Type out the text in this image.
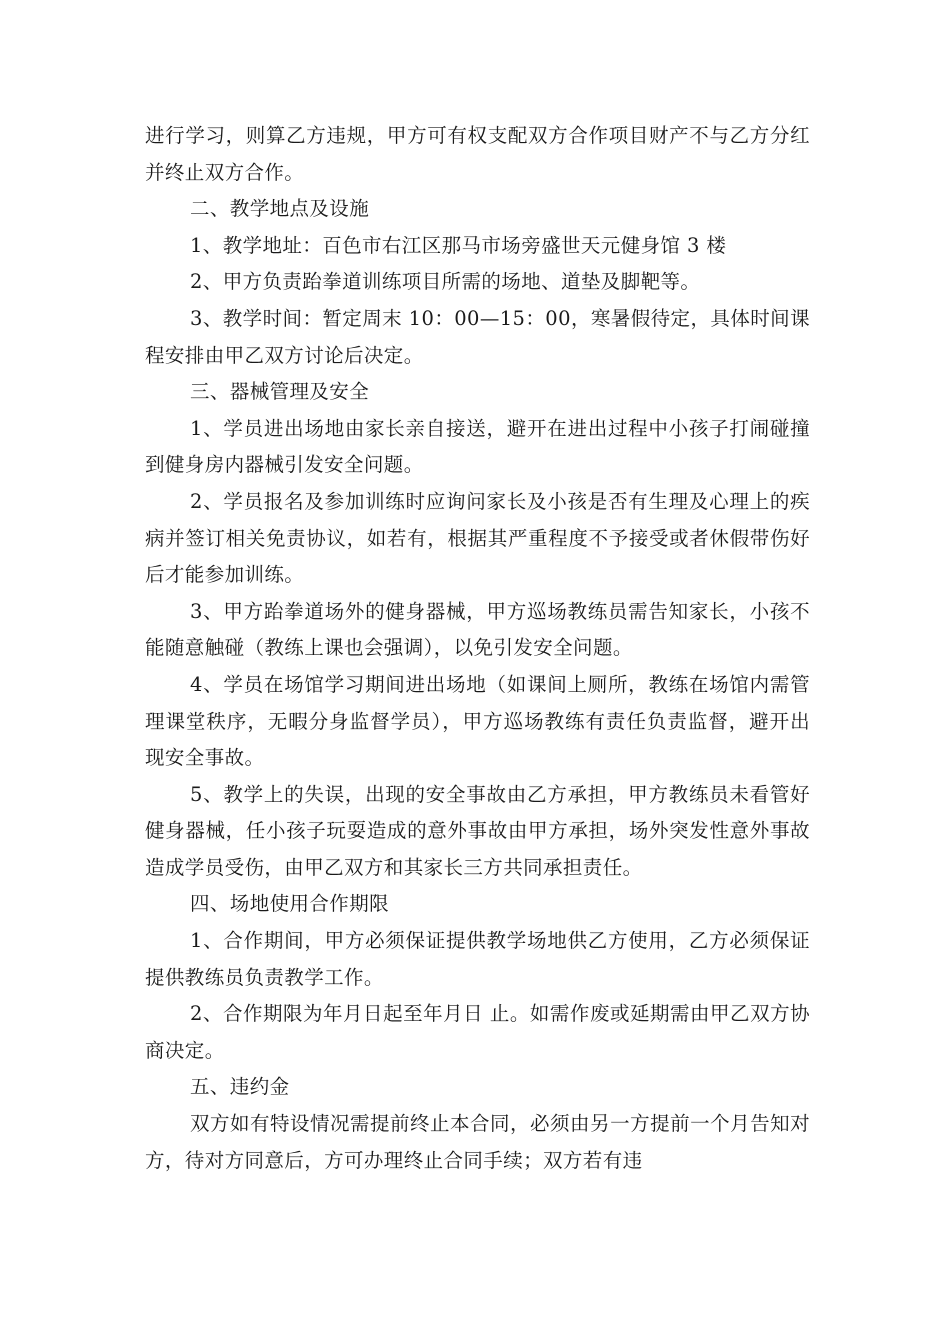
进行学习，则算乙方违规，甲方可有权支配双方合作项目财产不与乙方分红并终止双方合作。

二、教学地点及设施

1、教学地址：百色市右江区那马市场旁盛世天元健身馆 3 楼

2、甲方负责跆拳道训练项目所需的场地、道垫及脚靶等。

3、教学时间：暂定周末 10：00—15：00，寒暑假待定，具体时间课程安排由甲乙双方讨论后决定。

三、器械管理及安全

1、学员进出场地由家长亲自接送，避开在进出过程中小孩子打闹碰撞到健身房内器械引发安全问题。

2、学员报名及参加训练时应询问家长及小孩是否有生理及心理上的疾病并签订相关免责协议，如若有，根据其严重程度不予接受或者休假带伤好后才能参加训练。

3、甲方跆拳道场外的健身器械，甲方巡场教练员需告知家长，小孩不能随意触碰（教练上课也会强调），以免引发安全问题。

4、学员在场馆学习期间进出场地（如课间上厕所，教练在场馆内需管理课堂秩序，无暇分身监督学员），甲方巡场教练有责任负责监督，避开出现安全事故。

5、教学上的失误，出现的安全事故由乙方承担，甲方教练员未看管好健身器械，任小孩子玩耍造成的意外事故由甲方承担，场外突发性意外事故造成学员受伤，由甲乙双方和其家长三方共同承担责任。

四、场地使用合作期限

1、合作期间，甲方必须保证提供教学场地供乙方使用，乙方必须保证提供教练员负责教学工作。

2、合作期限为年月日起至年月日 止。如需作废或延期需由甲乙双方协商决定。

五、违约金

双方如有特设情况需提前终止本合同，必须由另一方提前一个月告知对方，待对方同意后，方可办理终止合同手续；双方若有违
